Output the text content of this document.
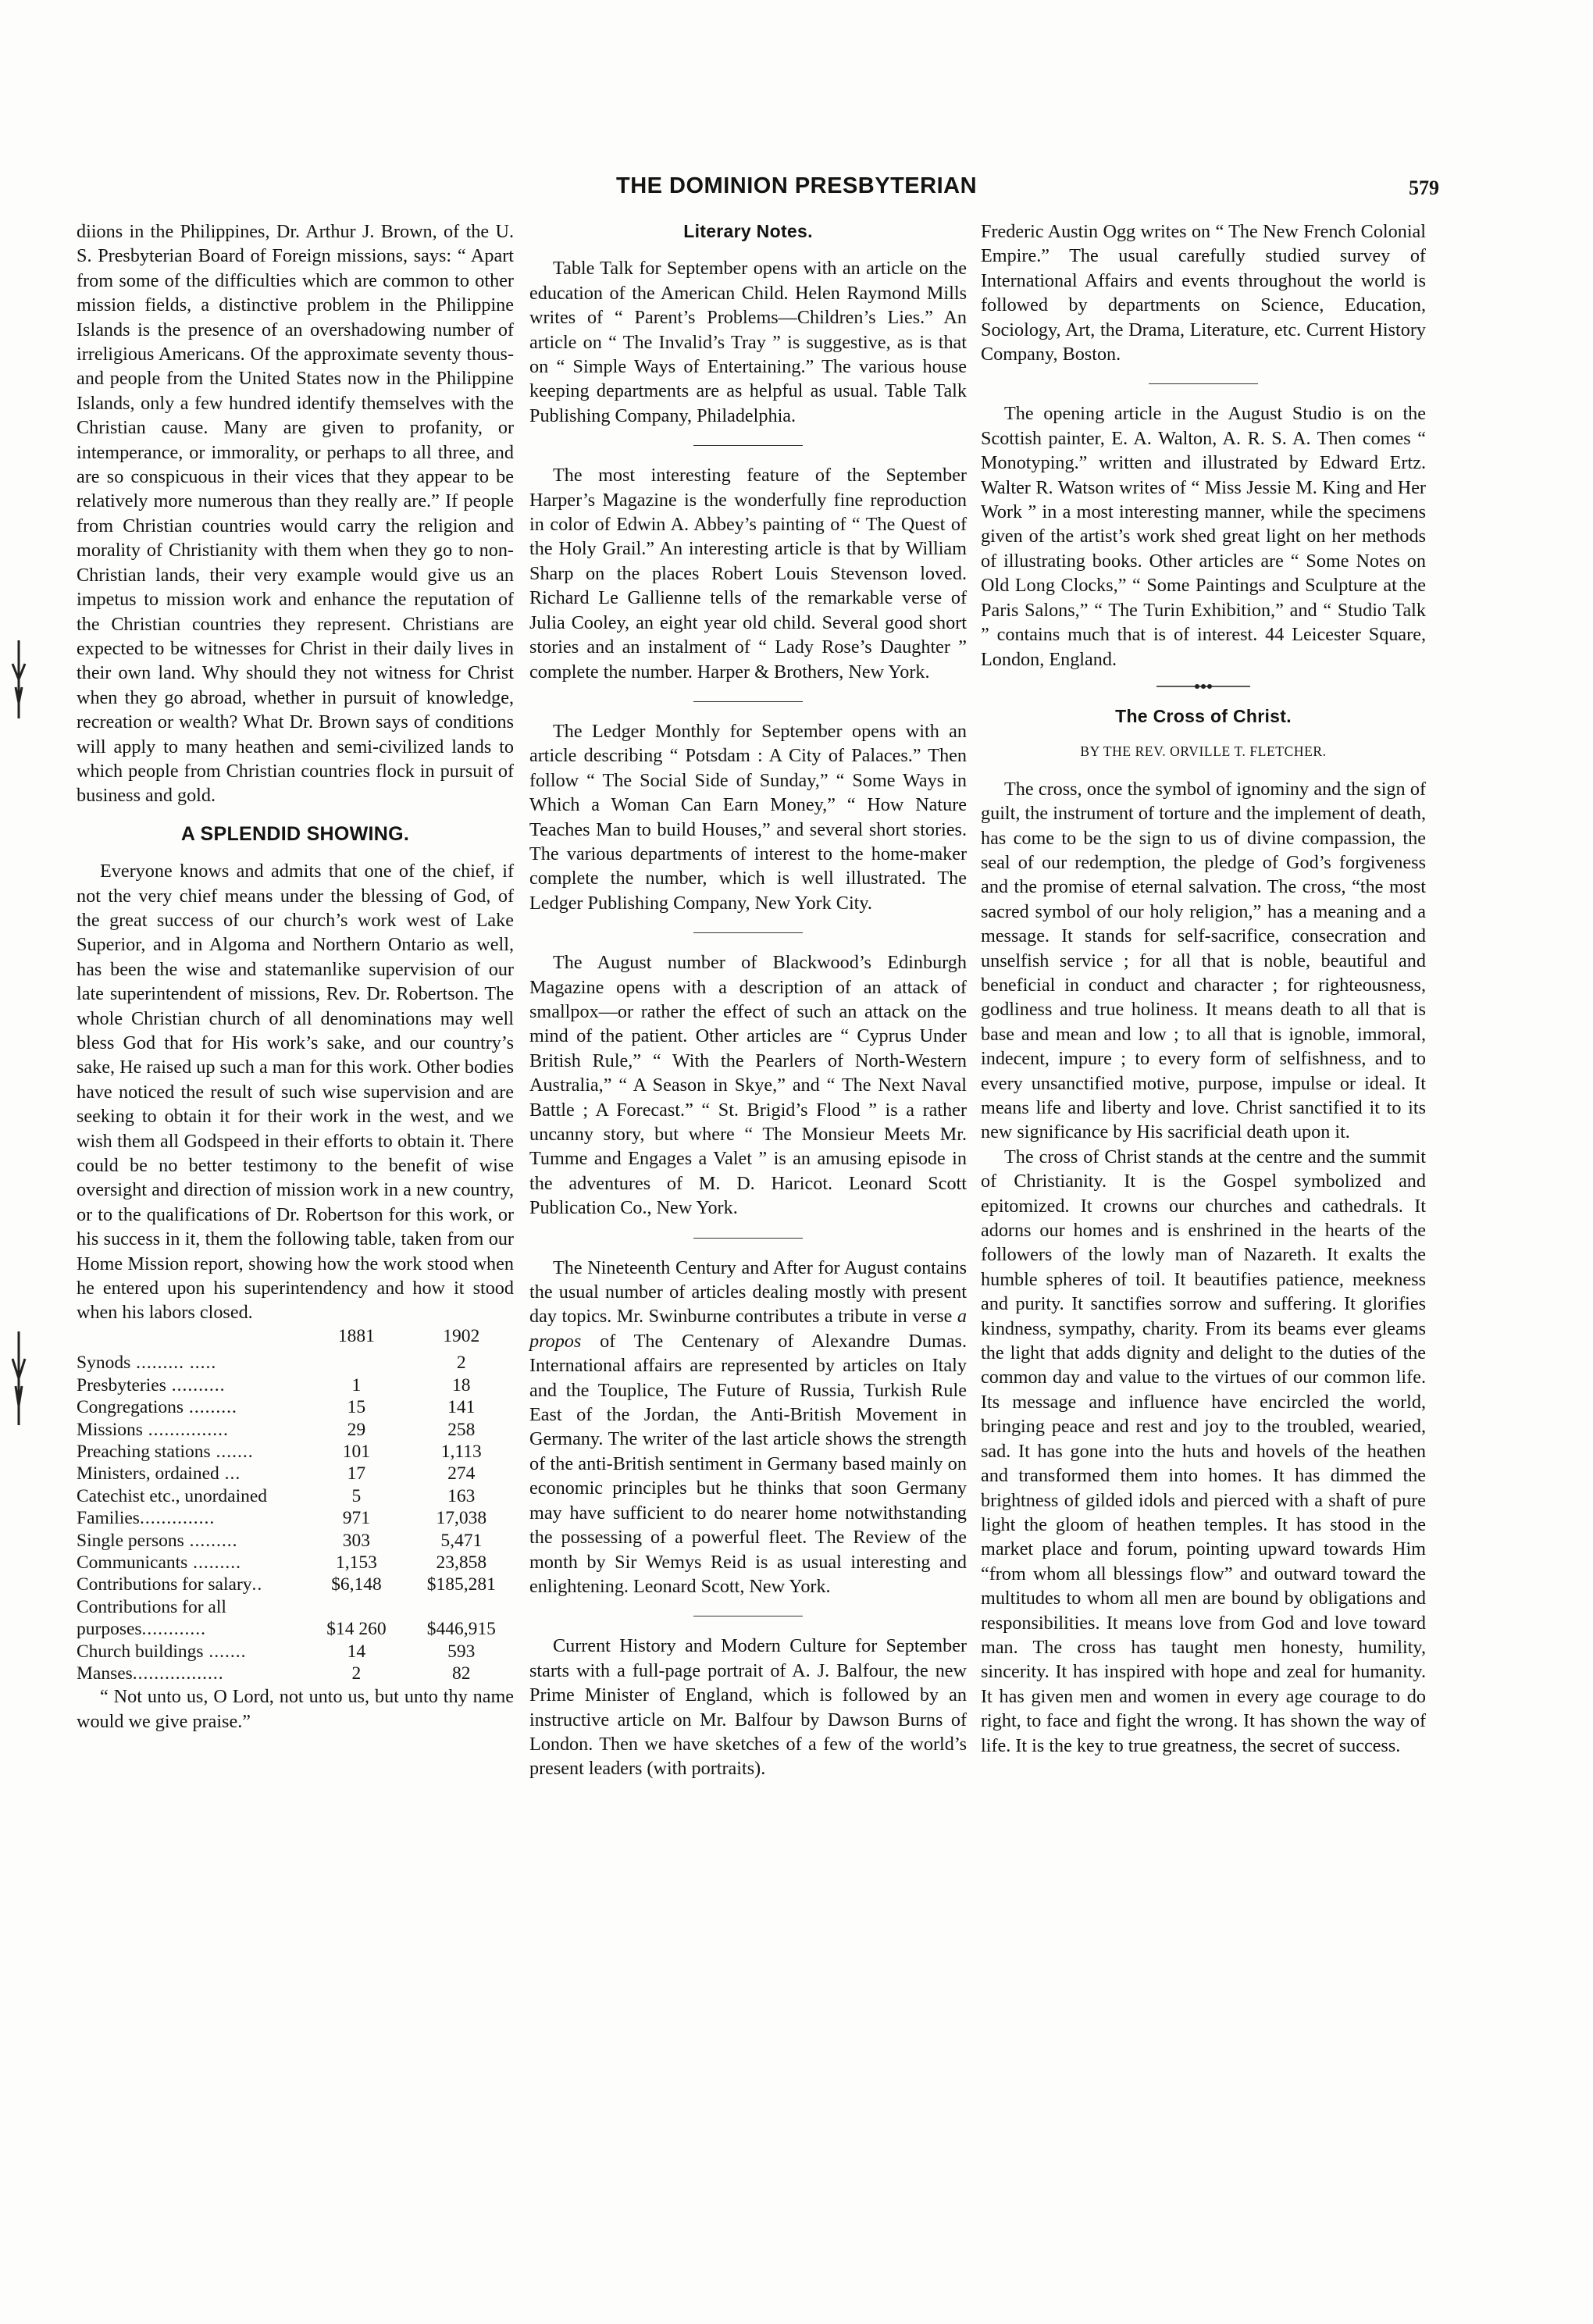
THE DOMINION PRESBYTERIAN	579

diions in the Philippines, Dr. Arthur J. Brown, of the U. S. Presbyterian Board of Foreign missions, says: “ Apart from some of the difficulties which are common to other mission fields, a distinctive problem in the Philippine Islands is the presence of an overshadowing number of irreligious Americans. Of the approximate seventy thousand people from the United States now in the Philippine Islands, only a few hundred identify themselves with the Christian cause. Many are given to profanity, or intemperance, or immorality, or perhaps to all three, and are so conspicuous in their vices that they appear to be relatively more numerous than they really are.” If people from Christian countries would carry the religion and morality of Christianity with them when they go to non-Christian lands, their very example would give us an impetus to mission work and enhance the reputation of the Christian countries they represent. Christians are expected to be witnesses for Christ in their daily lives in their own land. Why should they not witness for Christ when they go abroad, whether in pursuit of knowledge, recreation or wealth? What Dr. Brown says of conditions will apply to many heathen and semi-civilized lands to which people from Christian countries flock in pursuit of business and gold.

A SPLENDID SHOWING.

Everyone knows and admits that one of the chief, if not the very chief means under the blessing of God, of the great success of our church’s work west of Lake Superior, and in Algoma and Northern Ontario as well, has been the wise and statemanlike supervision of our late superintendent of missions, Rev. Dr. Robertson. The whole Christian church of all denominations may well bless God that for His work’s sake, and our country’s sake, He raised up such a man for this work. Other bodies have noticed the result of such wise supervision and are seeking to obtain it for their work in the west, and we wish them all Godspeed in their efforts to obtain it. There could be no better testimony to the benefit of wise oversight and direction of mission work in a new country, or to the qualifications of Dr. Robertson for this work, or his success in it, them the following table, taken from our Home Mission report, showing how the work stood when he entered upon his superintendency and how it stood when his labors closed.

	1881	1902
Synods ......... .....		2
Presbyteries ..........	1	18
Congregations .........	15	141
Missions ...............	29	258
Preaching stations .......	101	1,113
Ministers, ordained ...	17	274
Catechist etc., unordained	5	163
Families..............	971	17,038
Single persons .........	303	5,471
Communicants .........	1,153	23,858
Contributions for salary..	$6,148	$185,281
Contributions for all		
purposes............	$14 260	$446,915
Church buildings .......	14	593
Manses.................	2	82

“ Not unto us, O Lord, not unto us, but unto thy name would we give praise.”

Literary Notes.

Table Talk for September opens with an article on the education of the American Child. Helen Raymond Mills writes of “ Parent’s Problems—Children’s Lies.” An article on “ The Invalid’s Tray ” is suggestive, as is that on “ Simple Ways of Entertaining.” The various house keeping departments are as helpful as usual. Table Talk Publishing Company, Philadelphia.

The most interesting feature of the September Harper’s Magazine is the wonderfully fine reproduction in color of Edwin A. Abbey’s painting of “ The Quest of the Holy Grail.” An interesting article is that by William Sharp on the places Robert Louis Stevenson loved. Richard Le Gallienne tells of the remarkable verse of Julia Cooley, an eight year old child. Several good short stories and an instalment of “ Lady Rose’s Daughter ” complete the number. Harper & Brothers, New York.

The Ledger Monthly for September opens with an article describing “ Potsdam : A City of Palaces.” Then follow “ The Social Side of Sunday,” “ Some Ways in Which a Woman Can Earn Money,” “ How Nature Teaches Man to build Houses,” and several short stories. The various departments of interest to the home-maker complete the number, which is well illustrated. The Ledger Publishing Company, New York City.

The August number of Blackwood’s Edinburgh Magazine opens with a description of an attack of smallpox—or rather the effect of such an attack on the mind of the patient. Other articles are “ Cyprus Under British Rule,” “ With the Pearlers of North-Western Australia,” “ A Season in Skye,” and “ The Next Naval Battle ; A Forecast.” “ St. Brigid’s Flood ” is a rather uncanny story, but where “ The Monsieur Meets Mr. Tumme and Engages a Valet ” is an amusing episode in the adventures of M. D. Haricot. Leonard Scott Publication Co., New York.

The Nineteenth Century and After for August contains the usual number of articles dealing mostly with present day topics. Mr. Swinburne contributes a tribute in verse a propos of The Centenary of Alexandre Dumas. International affairs are represented by articles on Italy and the Touplice, The Future of Russia, Turkish Rule East of the Jordan, the Anti-British Movement in Germany. The writer of the last article shows the strength of the anti-British sentiment in Germany based mainly on economic principles but he thinks that soon Germany may have sufficient to do nearer home notwithstanding the possessing of a powerful fleet. The Review of the month by Sir Wemys Reid is as usual interesting and enlightening. Leonard Scott, New York.

Current History and Modern Culture for September starts with a full-page portrait of A. J. Balfour, the new Prime Minister of England, which is followed by an instructive article on Mr. Balfour by Dawson Burns of London. Then we have sketches of a few of the world’s present leaders (with portraits).

Frederic Austin Ogg writes on “ The New French Colonial Empire.” The usual carefully studied survey of International Affairs and events throughout the world is followed by departments on Science, Education, Sociology, Art, the Drama, Literature, etc. Current History Company, Boston.

The opening article in the August Studio is on the Scottish painter, E. A. Walton, A. R. S. A. Then comes “ Monotyping.” written and illustrated by Edward Ertz. Walter R. Watson writes of “ Miss Jessie M. King and Her Work ” in a most interesting manner, while the specimens given of the artist’s work shed great light on her methods of illustrating books. Other articles are “ Some Notes on Old Long Clocks,” “ Some Paintings and Sculpture at the Paris Salons,” “ The Turin Exhibition,” and “ Studio Talk ” contains much that is of interest. 44 Leicester Square, London, England.

The Cross of Christ.
BY THE REV. ORVILLE T. FLETCHER.

The cross, once the symbol of ignominy and the sign of guilt, the instrument of torture and the implement of death, has come to be the sign to us of divine compassion, the seal of our redemption, the pledge of God’s forgiveness and the promise of eternal salvation. The cross, “the most sacred symbol of our holy religion,” has a meaning and a message. It stands for self-sacrifice, consecration and unselfish service ; for all that is noble, beautiful and beneficial in conduct and character ; for righteousness, godliness and true holiness. It means death to all that is base and mean and low ; to all that is ignoble, immoral, indecent, impure ; to every form of selfishness, and to every unsanctified motive, purpose, impulse or ideal. It means life and liberty and love. Christ sanctified it to its new significance by His sacrificial death upon it.

The cross of Christ stands at the centre and the summit of Christianity. It is the Gospel symbolized and epitomized. It crowns our churches and cathedrals. It adorns our homes and is enshrined in the hearts of the followers of the lowly man of Nazareth. It exalts the humble spheres of toil. It beautifies patience, meekness and purity. It sanctifies sorrow and suffering. It glorifies kindness, sympathy, charity. From its beams ever gleams the light that adds dignity and delight to the duties of the common day and value to the virtues of our common life. Its message and influence have encircled the world, bringing peace and rest and joy to the troubled, wearied, sad. It has gone into the huts and hovels of the heathen and transformed them into homes. It has dimmed the brightness of gilded idols and pierced with a shaft of pure light the gloom of heathen temples. It has stood in the market place and forum, pointing upward towards Him “from whom all blessings flow” and outward toward the multitudes to whom all men are bound by obligations and responsibilities. It means love from God and love toward man. The cross has taught men honesty, humility, sincerity. It has inspired with hope and zeal for humanity. It has given men and women in every age courage to do right, to face and fight the wrong. It has shown the way of life. It is the key to true greatness, the secret of success.
